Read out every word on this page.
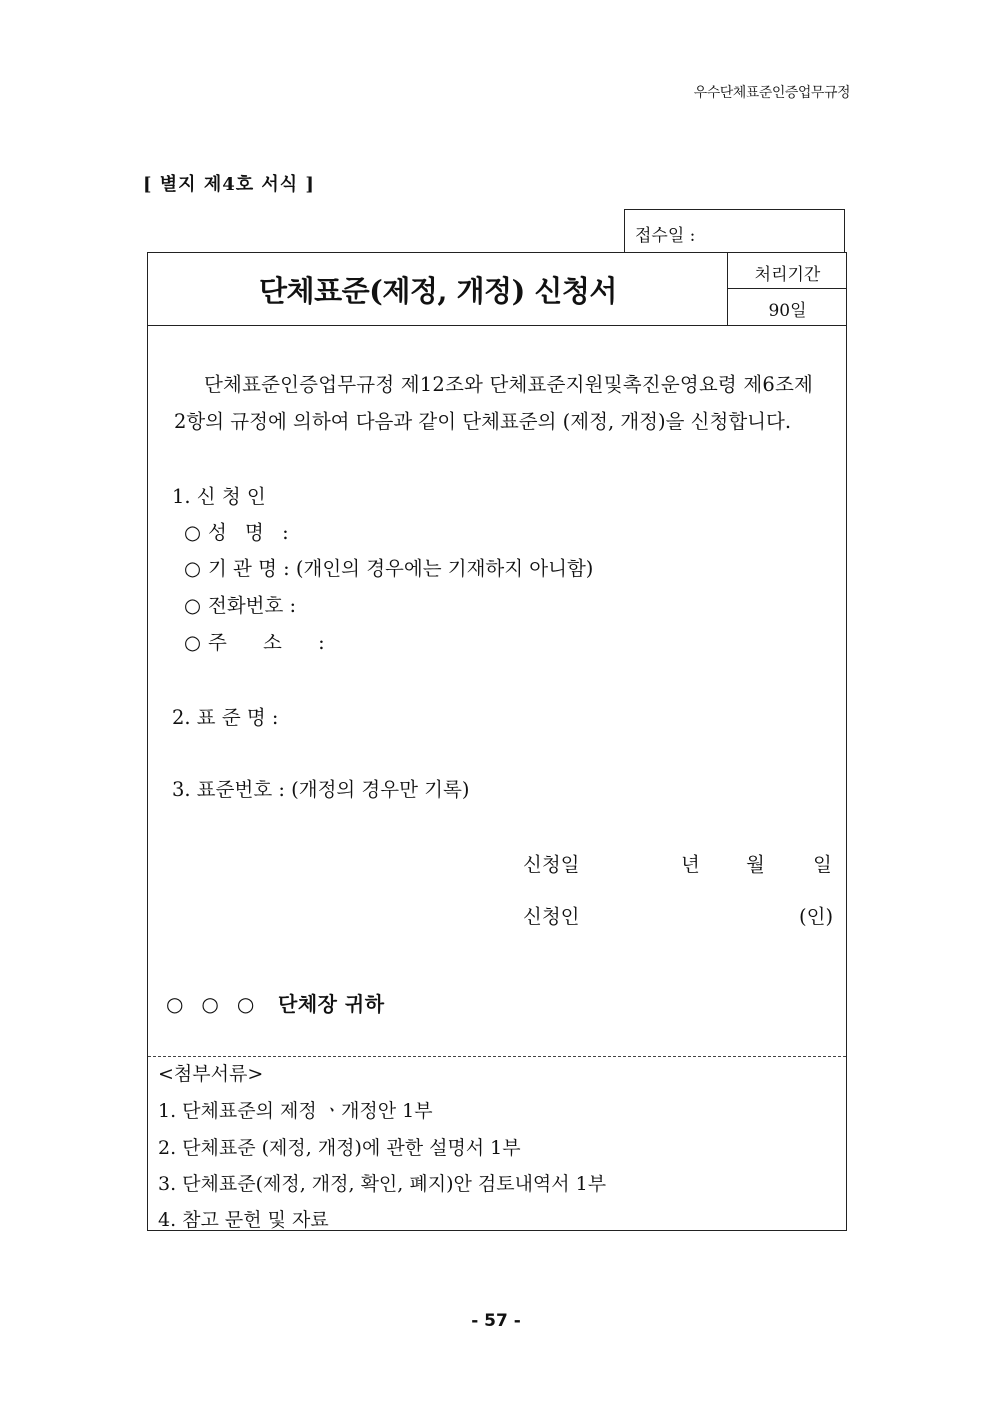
우수단체표준인증업무규정
[ 별지 제4호 서식 ]
접수일 :
단체표준(제정, 개정) 신청서	처리기간
90일
단체표준인증업무규정 제12조와 단체표준지원및촉진운영요령 제6조제
2항의 규정에 의하여 다음과 같이 단체표준의 (제정, 개정)을 신청합니다.
1. 신 청 인
○ 성 명 :
○ 기 관 명 : (개인의 경우에는 기재하지 아니함)
○ 전화번호 :
○ 주 소 :
2. 표 준 명 :
3. 표준번호 : (개정의 경우만 기록)
신청일	년 월 일
신청인	(인)
○ ○ ○ 단체장 귀하
<첨부서류>
1. 단체표준의 제정 ㆍ개정안 1부
2. 단체표준 (제정, 개정)에 관한 설명서 1부
3. 단체표준(제정, 개정, 확인, 폐지)안 검토내역서 1부
4. 참고 문헌 및 자료
- 57 -
